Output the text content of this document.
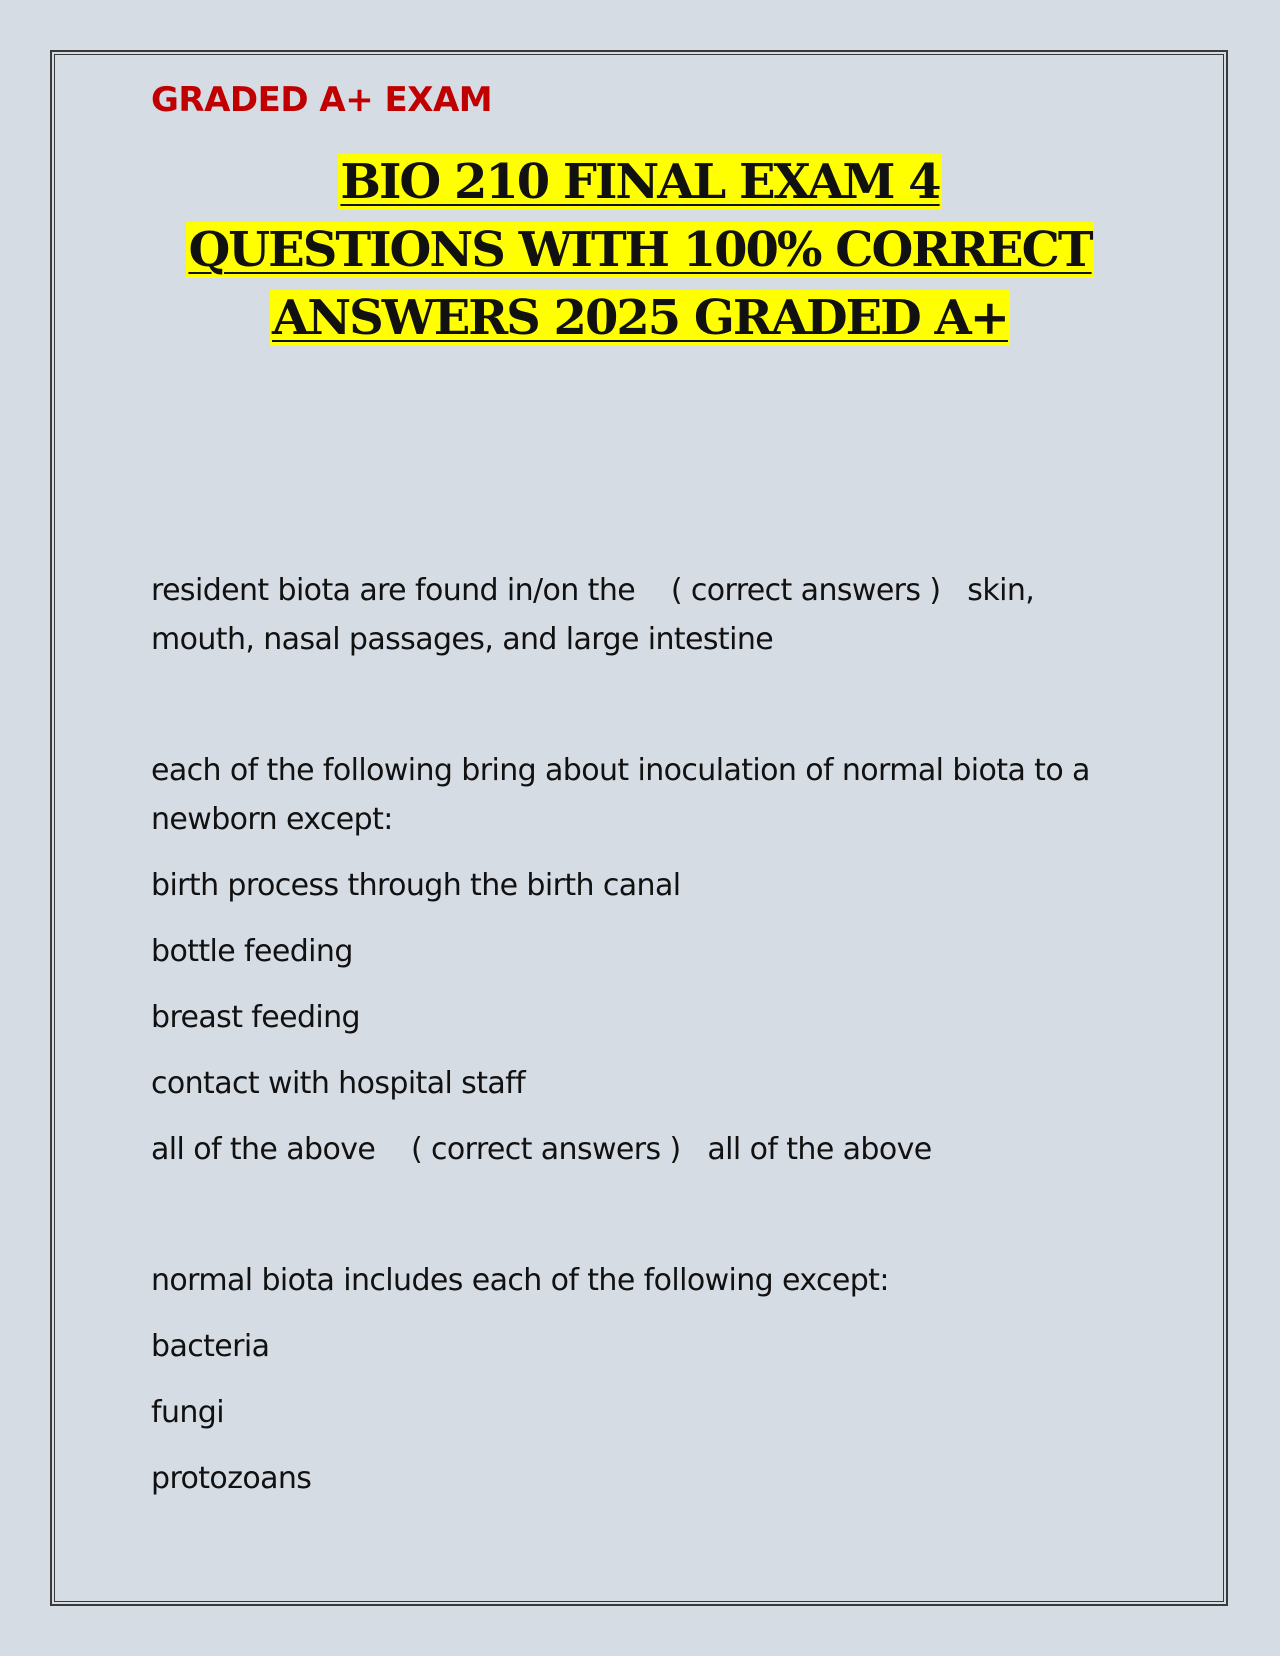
GRADED A+ EXAM
BIO 210 FINAL EXAM 4
QUESTIONS WITH 100% CORRECT
ANSWERS 2025 GRADED A+

resident biota are found in/on the    ( correct answers )   skin, mouth, nasal passages, and large intestine

each of the following bring about inoculation of normal biota to a newborn except:

birth process through the birth canal

bottle feeding

breast feeding

contact with hospital staff

all of the above    ( correct answers )   all of the above

normal biota includes each of the following except:

bacteria

fungi

protozoans
